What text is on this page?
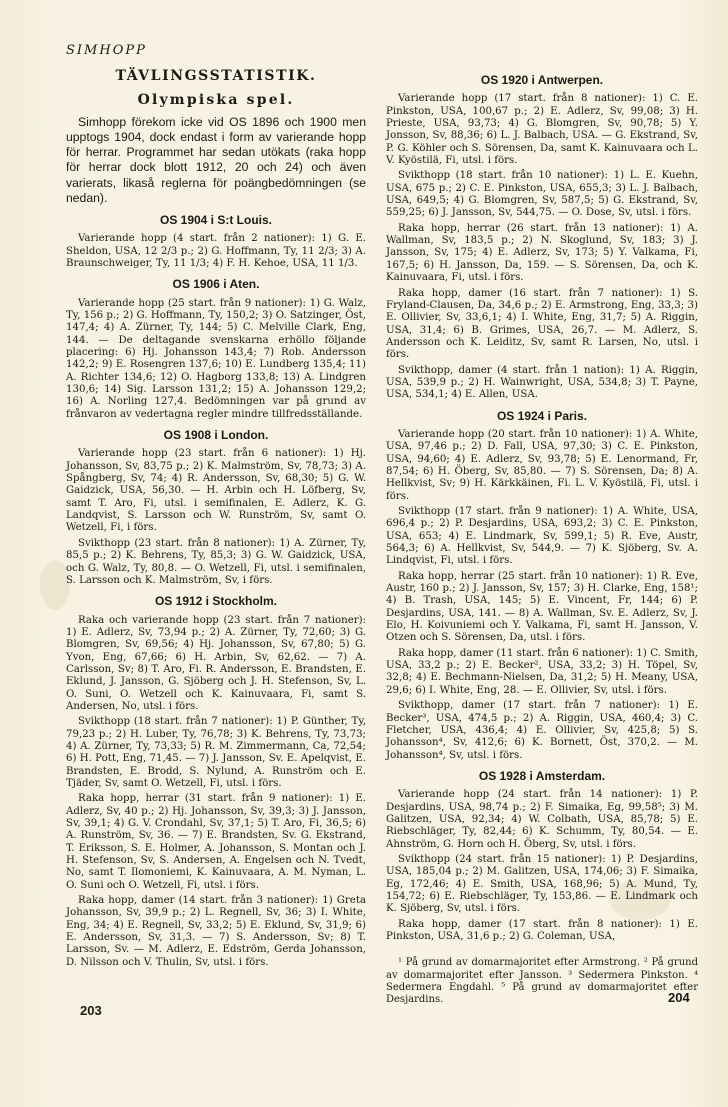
SIMHOPP
TÄVLINGSSTATISTIK.
Olympiska spel.
Simhopp förekom icke vid OS 1896 och 1900 men upptogs 1904, dock endast i form av varierande hopp för herrar. Programmet har sedan utökats (raka hopp för herrar dock blott 1912, 20 och 24) och även varierats, likaså reglerna för poängbedömningen (se nedan).
OS 1904 i S:t Louis.

Varierande hopp (4 start. från 2 nationer): 1) G. E. Sheldon, USA, 12 2/3 p.; 2) G. Hoffmann, Ty, 11 2/3; 3) A. Braunschweiger, Ty, 11 1/3; 4) F. H. Kehoe, USA, 11 1/3.

OS 1906 i Aten.

Varierande hopp (25 start. från 9 nationer): 1) G. Walz, Ty, 156 p.; 2) G. Hoffmann, Ty, 150,2; 3) O. Satzinger, Öst, 147,4; 4) A. Zürner, Ty, 144; 5) C. Melville Clark, Eng, 144. — De deltagande svenskarna erhöllo följande placering: 6) Hj. Johansson 143,4; 7) Rob. Andersson 142,2; 9) E. Rosengren 137,6; 10) E. Lundberg 135,4; 11) A. Richter 134,6; 12) O. Hagborg 133,8; 13) A. Lindgren 130,6; 14) Sig. Larsson 131,2; 15) A. Johansson 129,2; 16) A. Norling 127,4. Bedömningen var på grund av frånvaron av vedertagna regler mindre tillfredsställande.

OS 1908 i London.

Varierande hopp (23 start. från 6 nationer): 1) Hj. Johansson, Sv, 83,75 p.; 2) K. Malmström, Sv, 78,73; 3) A. Spångberg, Sv, 74; 4) R. Andersson, Sv, 68,30; 5) G. W. Gaidzick, USA, 56,30. — H. Arbin och H. Löfberg, Sv, samt T. Aro, Fi, utsl. i semifinalen, E. Adlerz, K. G. Landqvist, S. Larsson och W. Runström, Sv, samt O. Wetzell, Fi, i förs.

Svikthopp (23 start. från 8 nationer): 1) A. Zürner, Ty, 85,5 p.; 2) K. Behrens, Ty, 85,3; 3) G. W. Gaidzick, USA, och G. Walz, Ty, 80,8. — O. Wetzell, Fi, utsl. i semifinalen, S. Larsson och K. Malmström, Sv, i förs.

OS 1912 i Stockholm.

Raka och varierande hopp (23 start. från 7 nationer): 1) E. Adlerz, Sv, 73,94 p.; 2) A. Zürner, Ty, 72,60; 3) G. Blomgren, Sv, 69,56; 4) Hj. Johansson, Sv, 67,80; 5) G. Yvon, Eng, 67,66; 6) H. Arbin, Sv, 62,62. — 7) A. Carlsson, Sv; 8) T. Aro, Fi. R. Andersson, E. Brandsten, E. Eklund, J. Jansson, G. Sjöberg och J. H. Stefenson, Sv, L. O. Suni, O. Wetzell och K. Kainuvaara, Fi, samt S. Andersen, No, utsl. i förs.

Svikthopp (18 start. från 7 nationer): 1) P. Günther, Ty, 79,23 p.; 2) H. Luber, Ty, 76,78; 3) K. Behrens, Ty, 73,73; 4) A. Zürner, Ty, 73,33; 5) R. M. Zimmermann, Ca, 72,54; 6) H. Pott, Eng, 71,45. — 7) J. Jansson, Sv. E. Apelqvist, E. Brandsten, E. Brodd, S. Nylund, A. Runström och E. Tjäder, Sv, samt O. Wetzell, Fi, utsl. i förs.

Raka hopp, herrar (31 start. från 9 nationer): 1) E. Adlerz, Sv, 40 p.; 2) Hj. Johansson, Sv, 39,3; 3) J. Jansson, Sv, 39,1; 4) G. V. Crondahl, Sv, 37,1; 5) T. Aro, Fi, 36,5; 6) A. Runström, Sv, 36. — 7) E. Brandsten, Sv. G. Ekstrand, T. Eriksson, S. E. Holmer, A. Johansson, S. Montan och J. H. Stefenson, Sv, S. Andersen, A. Engelsen och N. Tvedt, No, samt T. Ilomoniemi, K. Kainuvaara, A. M. Nyman, L. O. Suni och O. Wetzell, Fi, utsl. i förs.

Raka hopp, damer (14 start. från 3 nationer): 1) Greta Johansson, Sv, 39,9 p.; 2) L. Regnell, Sv, 36; 3) I. White, Eng, 34; 4) E. Regnell, Sv, 33,2; 5) E. Eklund, Sv, 31,9; 6) E. Andersson, Sv, 31,3. — 7) S. Andersson, Sv; 8) T. Larsson, Sv. — M. Adlerz, E. Edström, Gerda Johansson, D. Nilsson och V. Thulin, Sv, utsl. i förs.

OS 1920 i Antwerpen.

Varierande hopp (17 start. från 8 nationer): 1) C. E. Pinkston, USA, 100,67 p.; 2) E. Adlerz, Sv, 99,08; 3) H. Prieste, USA, 93,73; 4) G. Blomgren, Sv, 90,78; 5) Y. Jonsson, Sv, 88,36; 6) L. J. Balbach, USA. — G. Ekstrand, Sv, P. G. Köhler och S. Sörensen, Da, samt K. Kainuvaara och L. V. Kyöstilä, Fi, utsl. i förs.

Svikthopp (18 start. från 10 nationer): 1) L. E. Kuehn, USA, 675 p.; 2) C. E. Pinkston, USA, 655,3; 3) L. J. Balbach, USA, 649,5; 4) G. Blomgren, Sv, 587,5; 5) G. Ekstrand, Sv, 559,25; 6) J. Jansson, Sv, 544,75. — O. Dose, Sv, utsl. i förs.

Raka hopp, herrar (26 start. från 13 nationer): 1) A. Wallman, Sv, 183,5 p.; 2) N. Skoglund, Sv, 183; 3) J. Jansson, Sv, 175; 4) E. Adlerz, Sv, 173; 5) Y. Valkama, Fi, 167,5; 6) H. Jansson, Da, 159. — S. Sörensen, Da, och K. Kainuvaara, Fi, utsl. i förs.

Raka hopp, damer (16 start. från 7 nationer): 1) S. Fryland-Clausen, Da, 34,6 p.; 2) E. Armstrong, Eng, 33,3; 3) E. Ollivier, Sv, 33,6,1; 4) I. White, Eng, 31,7; 5) A. Riggin, USA, 31,4; 6) B. Grimes, USA, 26,7. — M. Adlerz, S. Andersson och K. Leiditz, Sv, samt R. Larsen, No, utsl. i förs.

Svikthopp, damer (4 start. från 1 nation): 1) A. Riggin, USA, 539,9 p.; 2) H. Wainwright, USA, 534,8; 3) T. Payne, USA, 534,1; 4) E. Allen, USA.

OS 1924 i Paris.

Varierande hopp (20 start. från 10 nationer): 1) A. White, USA, 97,46 p.; 2) D. Fall, USA, 97,30; 3) C. E. Pinkston, USA, 94,60; 4) E. Adlerz, Sv, 93,78; 5) E. Lenormand, Fr, 87,54; 6) H. Öberg, Sv, 85,80. — 7) S. Sörensen, Da; 8) A. Hellkvist, Sv; 9) H. Kärkkäinen, Fi. L. V. Kyöstilä, Fi, utsl. i förs.

Svikthopp (17 start. från 9 nationer): 1) A. White, USA, 696,4 p.; 2) P. Desjardins, USA, 693,2; 3) C. E. Pinkston, USA, 653; 4) E. Lindmark, Sv, 599,1; 5) R. Eve, Austr, 564,3; 6) A. Hellkvist, Sv, 544,9. — 7) K. Sjöberg, Sv. A. Lindqvist, Fi, utsl. i förs.

Raka hopp, herrar (25 start. från 10 nationer): 1) R. Eve, Austr, 160 p.; 2) J. Jansson, Sv, 157; 3) H. Clarke, Eng, 158¹; 4) B. Trash, USA, 145; 5) E. Vincent, Fr, 144; 6) P. Desjardins, USA, 141. — 8) A. Wallman, Sv. E. Adlerz, Sv, J. Elo, H. Koivuniemi och Y. Valkama, Fi, samt H. Jansson, V. Otzen och S. Sörensen, Da, utsl. i förs.

Raka hopp, damer (11 start. från 6 nationer): 1) C. Smith, USA, 33,2 p.; 2) E. Becker², USA, 33,2; 3) H. Töpel, Sv, 32,8; 4) E. Bechmann-Nielsen, Da, 31,2; 5) H. Meany, USA, 29,6; 6) I. White, Eng, 28. — E. Ollivier, Sv, utsl. i förs.

Svikthopp, damer (17 start. från 7 nationer): 1) E. Becker³, USA, 474,5 p.; 2) A. Riggin, USA, 460,4; 3) C. Fletcher, USA, 436,4; 4) E. Ollivier, Sv, 425,8; 5) S. Johansson⁴, Sv, 412,6; 6) K. Bornett, Öst, 370,2. — M. Johansson⁴, Sv, utsl. i förs.

OS 1928 i Amsterdam.

Varierande hopp (24 start. från 14 nationer): 1) P. Desjardins, USA, 98,74 p.; 2) F. Simaika, Eg, 99,58⁵; 3) M. Galitzen, USA, 92,34; 4) W. Colbath, USA, 85,78; 5) E. Riebschläger, Ty, 82,44; 6) K. Schumm, Ty, 80,54. — E. Ahnström, G. Horn och H. Öberg, Sv, utsl. i förs.

Svikthopp (24 start. från 15 nationer): 1) P. Desjardins, USA, 185,04 p.; 2) M. Galitzen, USA, 174,06; 3) F. Simaika, Eg, 172,46; 4) E. Smith, USA, 168,96; 5) A. Mund, Ty, 154,72; 6) E. Riebschläger, Ty, 153,86. — E. Lindmark och K. Sjöberg, Sv, utsl. i förs.

Raka hopp, damer (17 start. från 8 nationer): 1) E. Pinkston, USA, 31,6 p.; 2) G. Coleman, USA,

¹ På grund av domarmajoritet efter Armstrong. ² På grund av domarmajoritet efter Jansson. ³ Sedermera Pinkston. ⁴ Sedermera Engdahl. ⁵ På grund av domarmajoritet efter Desjardins.

203
204
